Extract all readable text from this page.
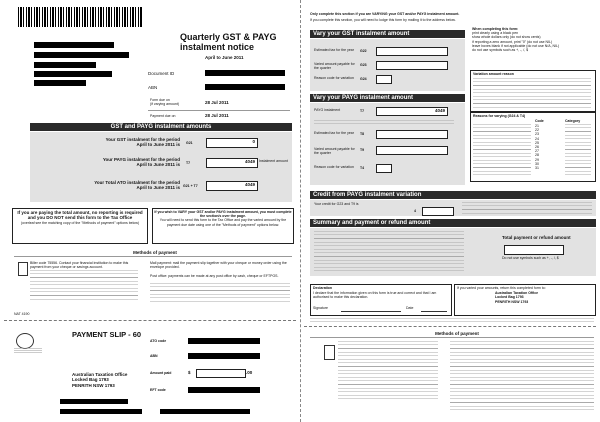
Quarterly GST & PAYG
instalment notice
April to June 2011
Document ID
ABN
Form due on
(if varying amount)	28 Jul 2011
Payment due on	28 Jul 2011
GST and PAYG instalment amounts
Your GST instalment for the period
April to June 2011 is G21	0
Your PAYG instalment for the period
April to June 2011 is T7	4049	Instalment amount
Your Total ATO instalment for the period
April to June 2011 is G21 + T7	4049
If you are paying the total amount, no reporting is required and you DO NOT send this form to the Tax Office
(overleaf see the matching copy of the "Methods of payment" options below)
If you wish to VARY your GST and/or PAYG instalment amount, you must complete the section/s over the page.
You will need to send this form to the Tax Office and pay the varied amount by the payment due date using one of the "Methods of payment" options below.
Methods of payment
Biller code 75556. Contact your financial institution to make this payment from your cheque or savings account.
Mail payment: mail the payment slip together with your cheque or money order using the envelope provided.
Post office: payments can be made at any post office by cash, cheque or EFTPOS.
NAT 4190
PAYMENT SLIP - 60
ATO code
ABN
Amount paid	$	.00
EFT code
Australian Taxation Office
Locked Bag 1793
PENRITH NSW 1793
Only complete this section if you are VARYING your GST and/or PAYG instalment amount.
If you complete this section, you will need to lodge this form by mailing it to the address below.
When completing this form:
print clearly using a black pen
show whole dollars only (do not show cents)
if reporting a zero amount, print "0" (do not use NIL)
leave boxes blank if not applicable (do not use N/A, NIL)
do not use symbols such as +, -, /, $
Vary your GST instalment amount
Estimated tax for the year	G22
Varied amount payable for the quarter
G23
Reason code for variation	G24
Vary your PAYG instalment amount
PAYG instalment	T7	4049
Estimated tax for the year	T8
Varied amount payable for the quarter
T9
Reason code for variation	T4
Variation amount reason
Reasons for varying (G24 & T4)
Code	Category
21
22
23
24
25
26
27
28
29
30
31
Credit from PAYG instalment variation
Your credit for G23 and T9 is
4
Summary and payment or refund amount
Total payment or refund amount
Do not use symbols such as +, -, /, $
Declaration
I declare that the information given on this form is true and correct and that I am authorised to make this declaration.
Signature	Date
If you varied your amounts, return this completed form to:
Australian Taxation Office
Locked Bag 1793
PENRITH NSW 1793
Methods of payment
